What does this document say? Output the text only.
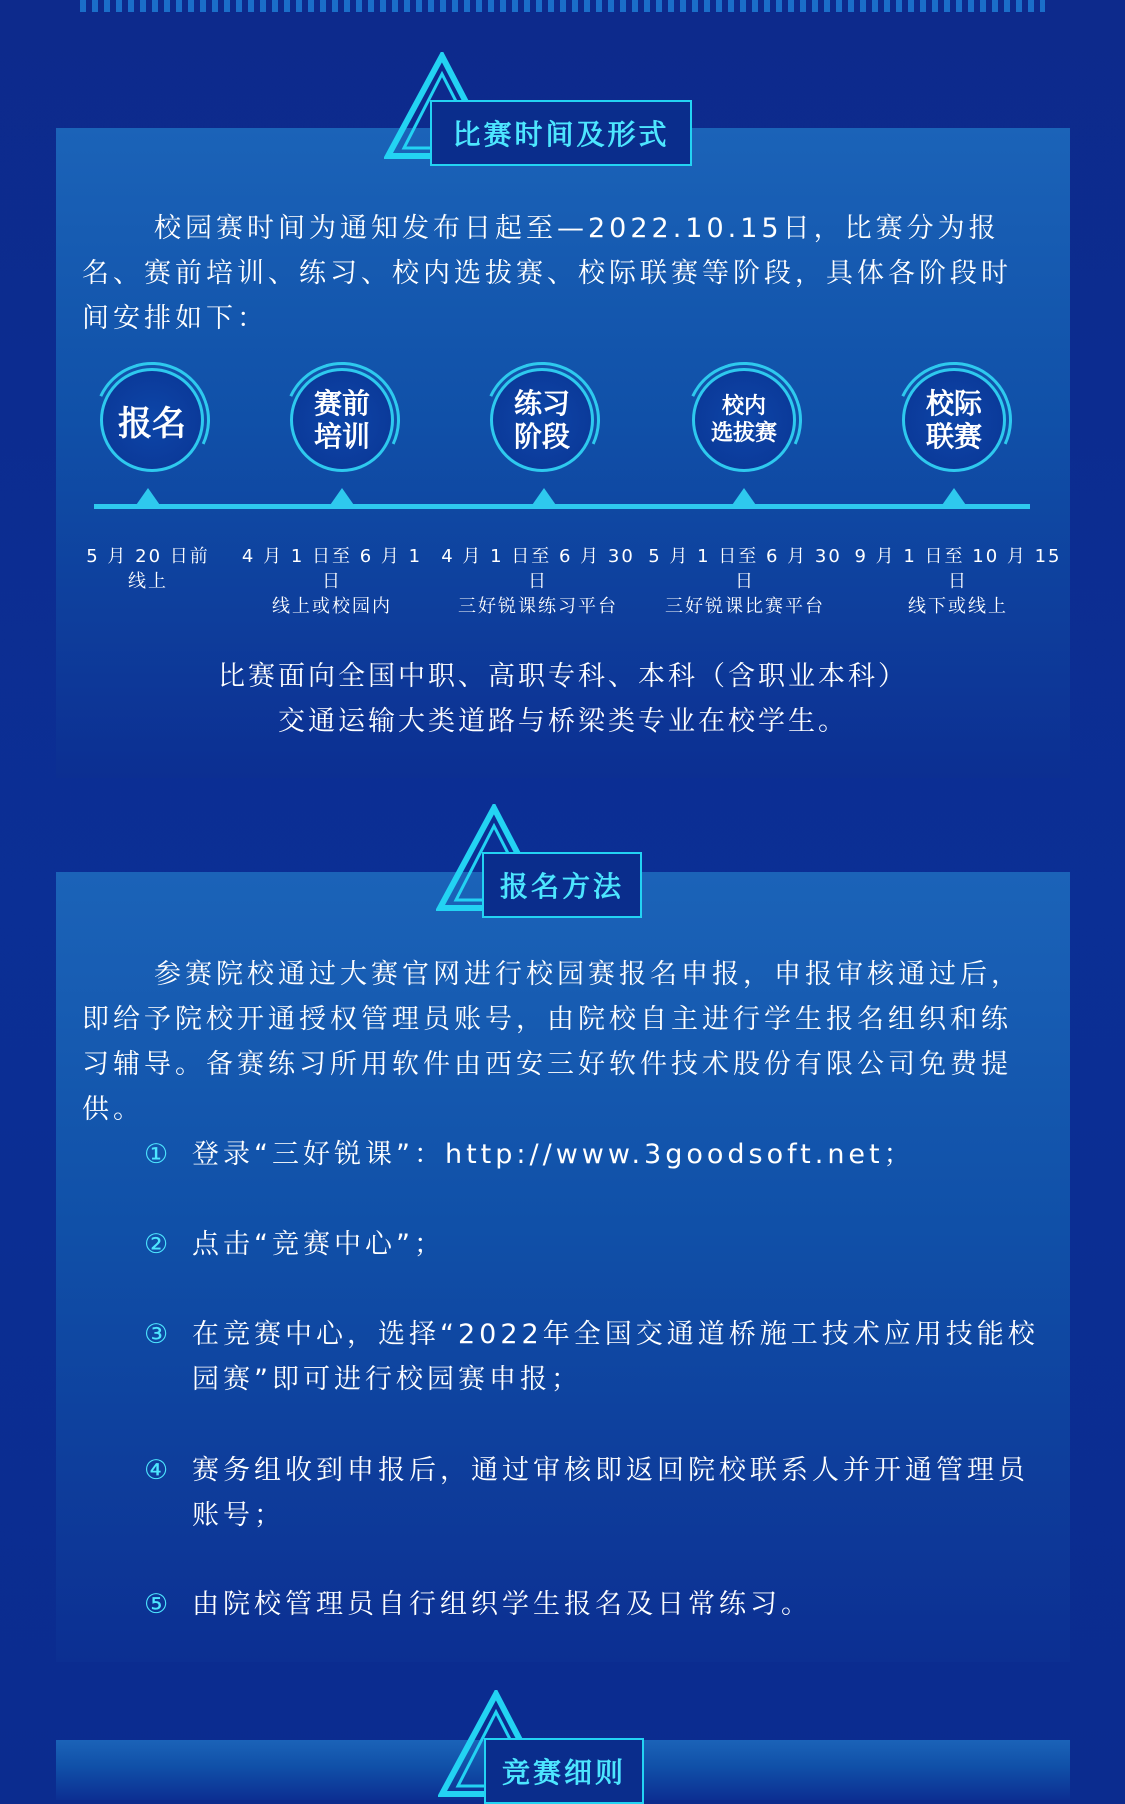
比赛时间及形式
校园赛时间为通知发布日起至—2022.10.15日，比赛分为报名、赛前培训、练习、校内选拔赛、校际联赛等阶段，具体各阶段时间安排如下：
报名	赛前
培训
练习
阶段
校内
选拔赛
校际
联赛
5 月 20 日前
线上
4 月 1 日至 6 月 1 日
线上或校园内
4 月 1 日至 6 月 30 日
三好锐课练习平台
5 月 1 日至 6 月 30 日
三好锐课比赛平台
9 月 1 日至 10 月 15 日
线下或线上
比赛面向全国中职、高职专科、本科（含职业本科）
交通运输大类道路与桥梁类专业在校学生。
报名方法
参赛院校通过大赛官网进行校园赛报名申报，申报审核通过后，即给予院校开通授权管理员账号，由院校自主进行学生报名组织和练习辅导。备赛练习所用软件由西安三好软件技术股份有限公司免费提供。
① 登录“三好锐课”：http://www.3goodsoft.net；
② 点击“竞赛中心”；
③ 在竞赛中心，选择“2022年全国交通道桥施工技术应用技能校园赛”即可进行校园赛申报；
④ 赛务组收到申报后，通过审核即返回院校联系人并开通管理员账号；
⑤ 由院校管理员自行组织学生报名及日常练习。
竞赛细则
